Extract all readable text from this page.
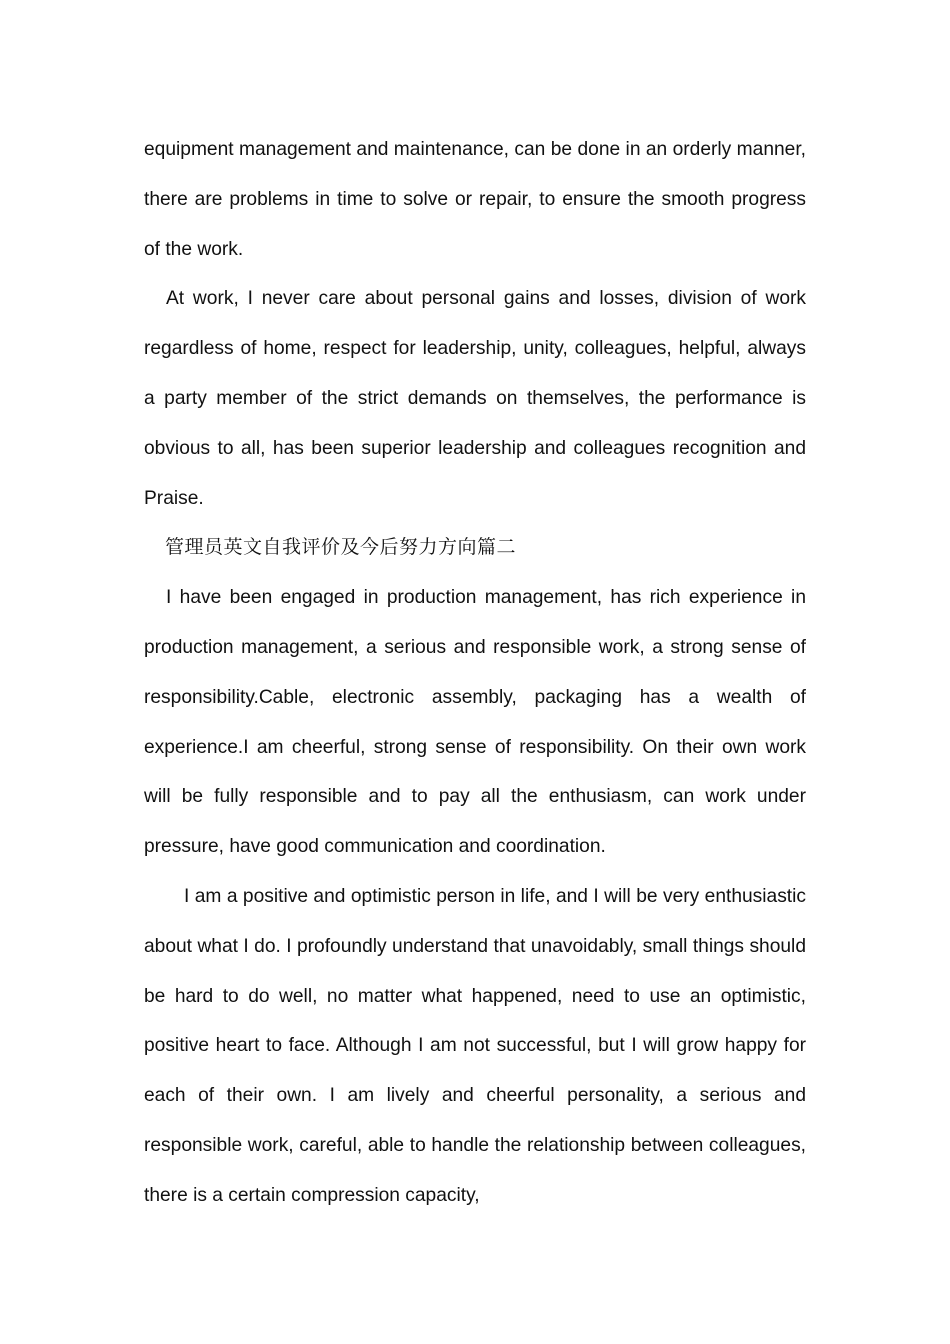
equipment management and maintenance, can be done in an orderly manner, there are problems in time to solve or repair, to ensure the smooth progress of the work.

At work, I never care about personal gains and losses, division of work regardless of home, respect for leadership, unity, colleagues, helpful, always a party member of the strict demands on themselves, the performance is obvious to all, has been superior leadership and colleagues recognition and Praise.

管理员英文自我评价及今后努力方向篇二

I have been engaged in production management, has rich experience in production management, a serious and responsible work, a strong sense of responsibility.Cable, electronic assembly, packaging has a wealth of experience.I am cheerful, strong sense of responsibility. On their own work will be fully responsible and to pay all the enthusiasm, can work under pressure, have good communication and coordination.

I am a positive and optimistic person in life, and I will be very enthusiastic about what I do. I profoundly understand that unavoidably, small things should be hard to do well, no matter what happened, need to use an optimistic, positive heart to face. Although I am not successful, but I will grow happy for each of their own. I am lively and cheerful personality, a serious and responsible work, careful, able to handle the relationship between colleagues, there is a certain compression capacity,
